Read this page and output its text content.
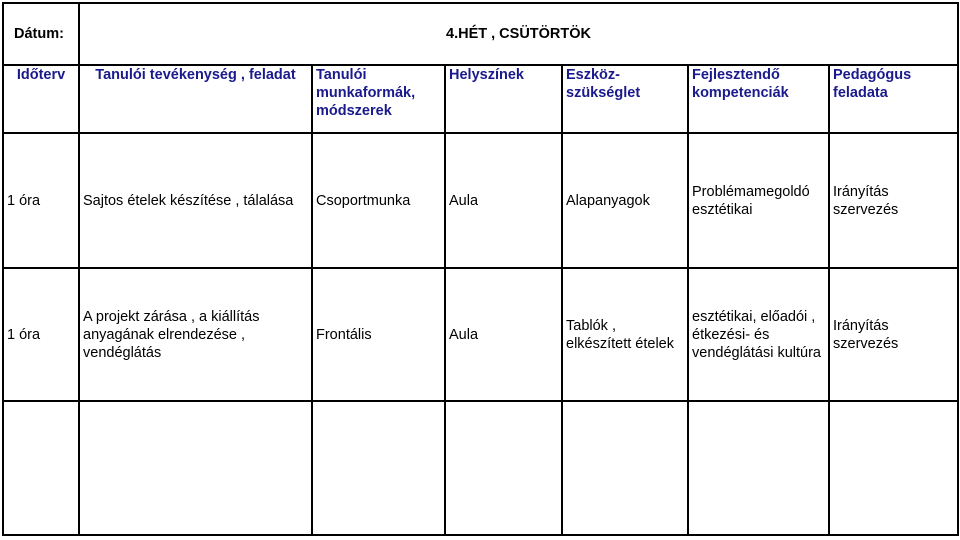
Dátum:	4.HÉT , CSÜTÖRTÖK					
Időterv	Tanulói tevékenység , feladat	Tanulói munkaformák, módszerek	Helyszínek	Eszköz-szükséglet	Fejlesztendő kompetenciák	Pedagógus feladata
1 óra	Sajtos ételek készítése , tálalása	Csoportmunka	Aula	Alapanyagok	Problémamegoldó esztétikai	Irányítás szervezés
1 óra	A projekt zárása , a kiállítás anyagának elrendezése , vendéglátás	Frontális	Aula	Tablók , elkészített ételek	esztétikai, előadói , étkezési- és vendéglátási kultúra	Irányítás szervezés
